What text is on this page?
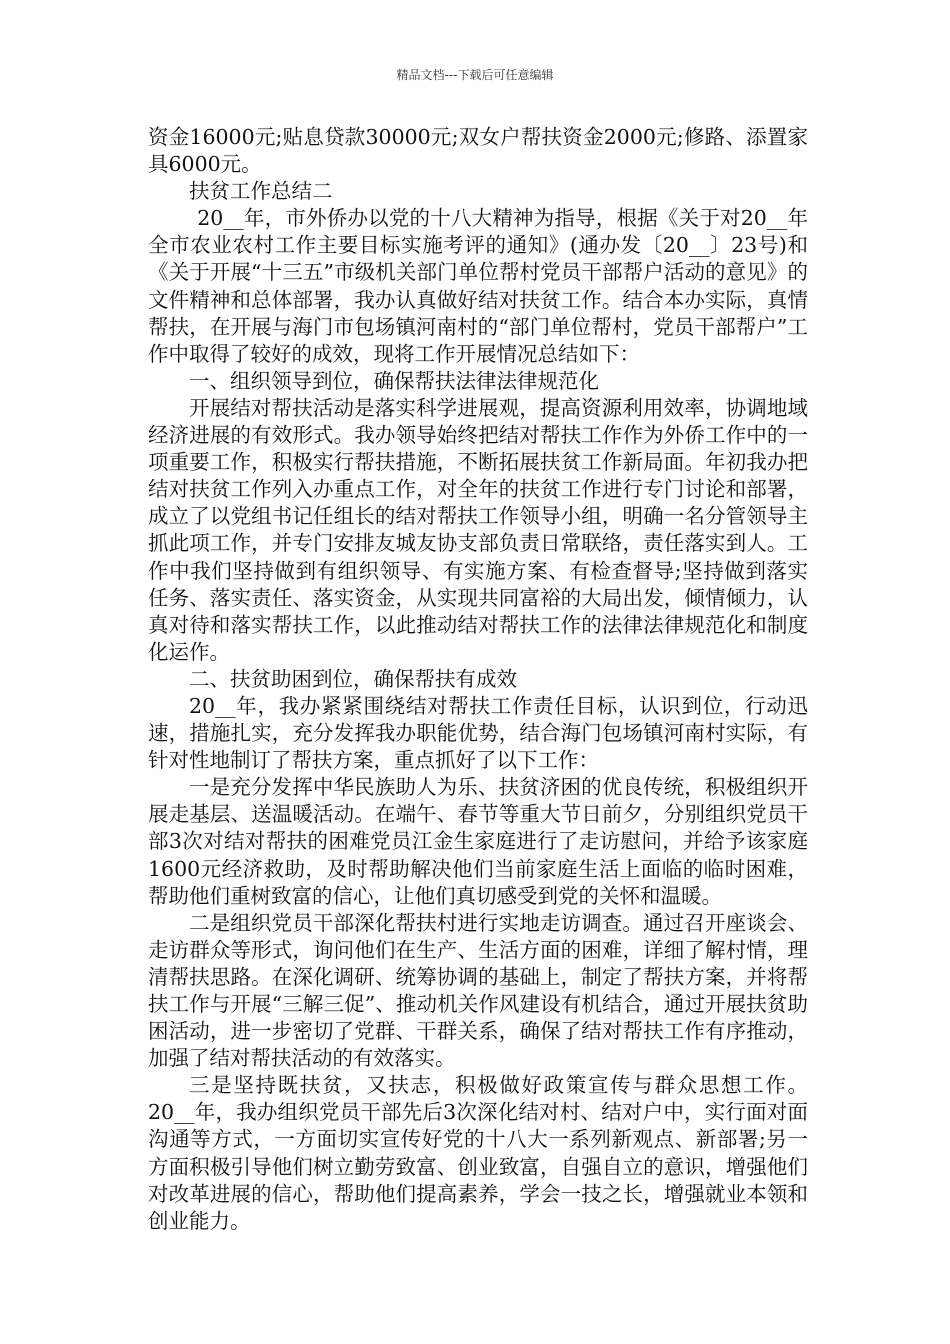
精品文档---下载后可任意编辑

资金16000元;贴息贷款30000元;双女户帮扶资金2000元;修路、添置家具6000元。

扶贫工作总结二

20__年，市外侨办以党的十八大精神为指导，根据《关于对20__年全市农业农村工作主要目标实施考评的通知》(通办发〔20__〕23号)和《关于开展“十三五”市级机关部门单位帮村党员干部帮户活动的意见》的文件精神和总体部署，我办认真做好结对扶贫工作。结合本办实际，真情帮扶，在开展与海门市包场镇河南村的“部门单位帮村，党员干部帮户”工作中取得了较好的成效，现将工作开展情况总结如下：

一、组织领导到位，确保帮扶法律法律规范化

开展结对帮扶活动是落实科学进展观，提高资源利用效率，协调地域经济进展的有效形式。我办领导始终把结对帮扶工作作为外侨工作中的一项重要工作，积极实行帮扶措施，不断拓展扶贫工作新局面。年初我办把结对扶贫工作列入办重点工作，对全年的扶贫工作进行专门讨论和部署，成立了以党组书记任组长的结对帮扶工作领导小组，明确一名分管领导主抓此项工作，并专门安排友城友协支部负责日常联络，责任落实到人。工作中我们坚持做到有组织领导、有实施方案、有检查督导;坚持做到落实任务、落实责任、落实资金，从实现共同富裕的大局出发，倾情倾力，认真对待和落实帮扶工作，以此推动结对帮扶工作的法律法律规范化和制度化运作。

二、扶贫助困到位，确保帮扶有成效

20__年，我办紧紧围绕结对帮扶工作责任目标，认识到位，行动迅速，措施扎实，充分发挥我办职能优势，结合海门包场镇河南村实际，有针对性地制订了帮扶方案，重点抓好了以下工作：

一是充分发挥中华民族助人为乐、扶贫济困的优良传统，积极组织开展走基层、送温暖活动。在端午、春节等重大节日前夕，分别组织党员干部3次对结对帮扶的困难党员江金生家庭进行了走访慰问，并给予该家庭1600元经济救助，及时帮助解决他们当前家庭生活上面临的临时困难，帮助他们重树致富的信心，让他们真切感受到党的关怀和温暖。

二是组织党员干部深化帮扶村进行实地走访调查。通过召开座谈会、走访群众等形式，询问他们在生产、生活方面的困难，详细了解村情，理清帮扶思路。在深化调研、统筹协调的基础上，制定了帮扶方案，并将帮扶工作与开展“三解三促”、推动机关作风建设有机结合，通过开展扶贫助困活动，进一步密切了党群、干群关系，确保了结对帮扶工作有序推动，加强了结对帮扶活动的有效落实。

三是坚持既扶贫，又扶志，积极做好政策宣传与群众思想工作。20__年，我办组织党员干部先后3次深化结对村、结对户中，实行面对面沟通等方式，一方面切实宣传好党的十八大一系列新观点、新部署;另一方面积极引导他们树立勤劳致富、创业致富，自强自立的意识，增强他们对改革进展的信心，帮助他们提高素养，学会一技之长，增强就业本领和创业能力。
